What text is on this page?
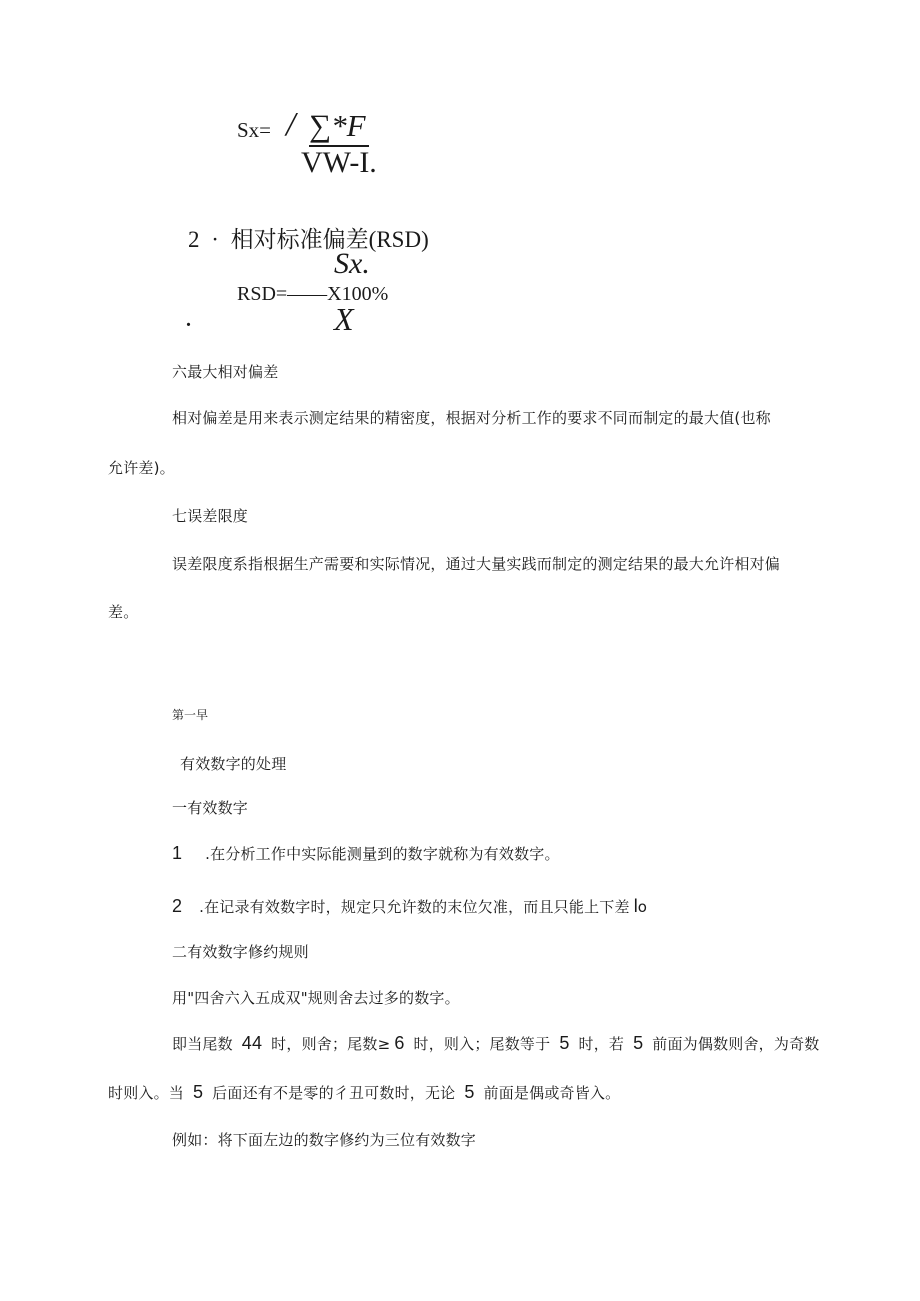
Sx= / ∑*F
VW-I.
2 · 相对标准偏差(RSD)
Sx.
RSD=——X100%
.	X
六最大相对偏差
相对偏差是用来表示测定结果的精密度，根据对分析工作的要求不同而制定的最大值(也称
允许差)。
七误差限度
误差限度系指根据生产需要和实际情况，通过大量实践而制定的测定结果的最大允许相对偏
差。
第一早
有效数字的处理
一有效数字
1 .在分析工作中实际能测量到的数字就称为有效数字。
2 .在记录有效数字时，规定只允许数的末位欠准，而且只能上下差 lo
二有效数字修约规则
用"四舍六入五成双"规则舍去过多的数字。
即当尾数 44 时，则舍；尾数≥ 6 时，则入；尾数等于 5 时，若 5 前面为偶数则舍，为奇数
时则入。当 5 后面还有不是零的彳丑可数时，无论 5 前面是偶或奇皆入。
例如：将下面左边的数字修约为三位有效数字
